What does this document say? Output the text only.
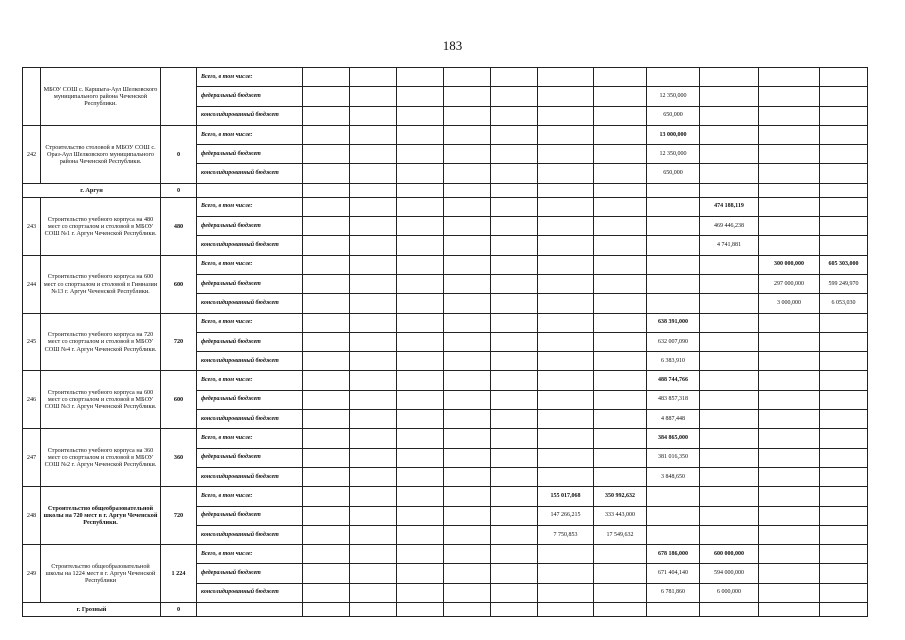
183
	МБОУ СОШ с. Каршыга-Аул Шелковского муниципального района Чеченской Республики.		Всего, в том числе:											
			федеральный бюджет								12 350,000			
			консолидированный бюджет								650,000			
242	Строительство столовой в МБОУ СОШ с. Ораз-Аул Шелковского муниципального района Чеченской Республики.	0	Всего, в том числе:								13 000,000			
			федеральный бюджет								12 350,000			
			консолидированный бюджет								650,000			
г. Аргун		0												
243	Строительство учебного корпуса на 480 мест со спортзалом и столовой в МБОУ СОШ №1 г. Аргун Чеченской Республики.	480	Всего, в том числе:									474 188,119		
			федеральный бюджет									469 446,238		
			консолидированный бюджет									4 741,881		
244	Строительство учебного корпуса на 600 мест со спортзалом и столовой в Гимназии №13 г. Аргун Чеченской Республики.	600	Всего, в том числе:										300 000,000	605 303,000
			федеральный бюджет										297 000,000	599 249,970
			консолидированный бюджет										3 000,000	6 053,030
245	Строительство учебного корпуса на 720 мест со спортзалом и столовой в МБОУ СОШ №4 г. Аргун Чеченской Республики.	720	Всего, в том числе:								638 391,000			
			федеральный бюджет								632 007,090			
			консолидированный бюджет								6 383,910			
246	Строительство учебного корпуса на 600 мест со спортзалом и столовой в МБОУ СОШ №3 г. Аргун Чеченской Республики.	600	Всего, в том числе:								488 744,766			
			федеральный бюджет								483 857,318			
			консолидированный бюджет								4 887,448			
247	Строительство учебного корпуса на 360 мест со спортзалом и столовой в МБОУ СОШ №2 г. Аргун Чеченской Республики.	360	Всего, в том числе:								384 865,000			
			федеральный бюджет								381 016,350			
			консолидированный бюджет								3 848,650			
248	Строительство общеобразовательной школы на 720 мест в г. Аргун Чеченской Республики.	720	Всего, в том числе:						155 017,068	350 992,632				
			федеральный бюджет						147 266,215	333 443,000				
			консолидированный бюджет						7 750,853	17 549,632				
249	Строительство общеобразовательной школы на 1224 мест в г. Аргун Чеченской Республики	1 224	Всего, в том числе:								678 186,000	600 000,000		
			федеральный бюджет								671 404,140	594 000,000		
			консолидированный бюджет								6 781,860	6 000,000		
г. Грозный		0												
